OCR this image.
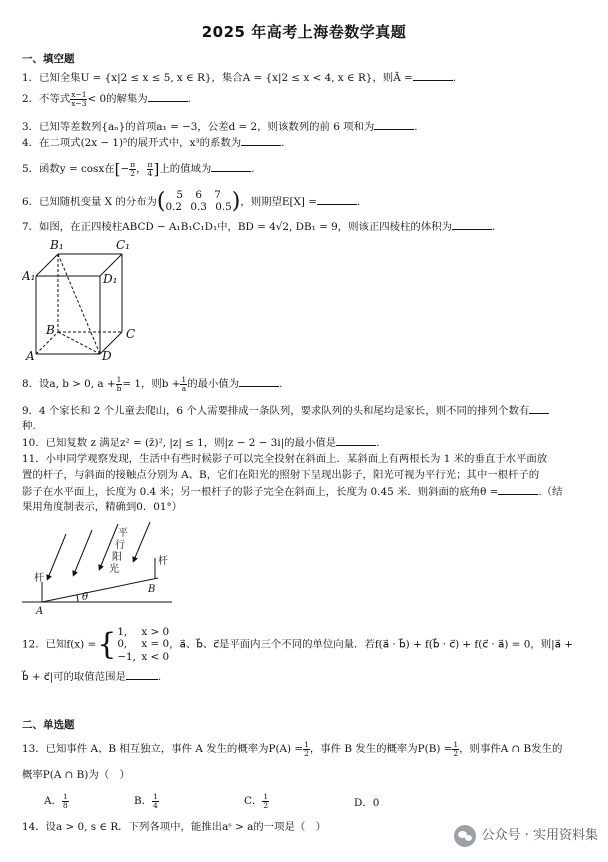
2025 年高考上海卷数学真题
一、填空题
1．已知全集U = {x|2 ≤ x ≤ 5, x ∈ R}，集合A = {x|2 ≤ x < 4, x ∈ R}，则Ā =	.
2．不等式 $\frac{x-1}{x-3} < 0$的解集为	.
3．已知等差数列{aₙ}的首项a₁ = −3，公差d = 2，则该数列的前 6 项和为	.
4．在二项式(2x − 1)⁵的展开式中，x³的系数为	.
5．函数y = cosx在[− $\frac{\pi}{2}$ ， $\frac{\pi}{4}$ ]上的值域为	.
6．已知随机变量 X 的分布为(	5 6 7
0.2 0.3 0.5 )，则期望E[X] =	.
7．如图，在正四棱柱ABCD − A₁B₁C₁D₁中，BD = 4√2, DB₁ = 9，则该正四棱柱的体积为	.
B₁	C₁
A₁	D₁
B	C
A	D
8．设a, b > 0, $a + \frac{1}{b} = 1$，则$b + \frac{1}{a}$ 的最小值为	.
9．4 个家长和 2 个儿童去爬山，6 个人需要排成一条队列，要求队列的头和尾均是家长，则不同的排列个数有
种.
10．已知复数 z 满足z² = (z̄)², |z| ≤ 1，则|z − 2 − 3i|的最小值是	.
11．小申同学观察发现，生活中有些时候影子可以完全投射在斜面上．某斜面上有两根长为 1 米的垂直于水平面放
置的杆子，与斜面的接触点分别为 A、B，它们在阳光的照射下呈现出影子，阳光可视为平行光；其中一根杆子的
影子在水平面上，长度为 0.4 米；另一根杆子的影子完全在斜面上，长度为 0.45 米．则斜面的底角θ =	.（结
果用角度制表示，精确到0．01°）
杆
杆
平
行
阳
光
A
B
θ
12．已知f(x) ={ 1, x > 0
0, x = 0
−1, x < 0
，a⃗、b⃗、c⃗是平面内三个不同的单位向量．若f(a⃗ · b⃗) + f(b⃗ · c⃗) + f(c⃗ · a⃗) = 0，则|a⃗ +
b⃗ + c⃗|可的取值范围是	.
二、单选题
13．已知事件 A、B 相互独立，事件 A 发生的概率为$P(A) = \frac{1}{2}$ ，事件 B 发生的概率为$P(B) = \frac{1}{2}$ ，则事件A ∩ B发生的
概率P(A ∩ B)为（　）
A． $\frac{1}{8}$	B． $\frac{1}{4}$	C． $\frac{1}{2}$	D．0
14．设a > 0, s ∈ R．下列各项中，能推出aˢ > a的一项是（　）
公众号 · 实用资料集
